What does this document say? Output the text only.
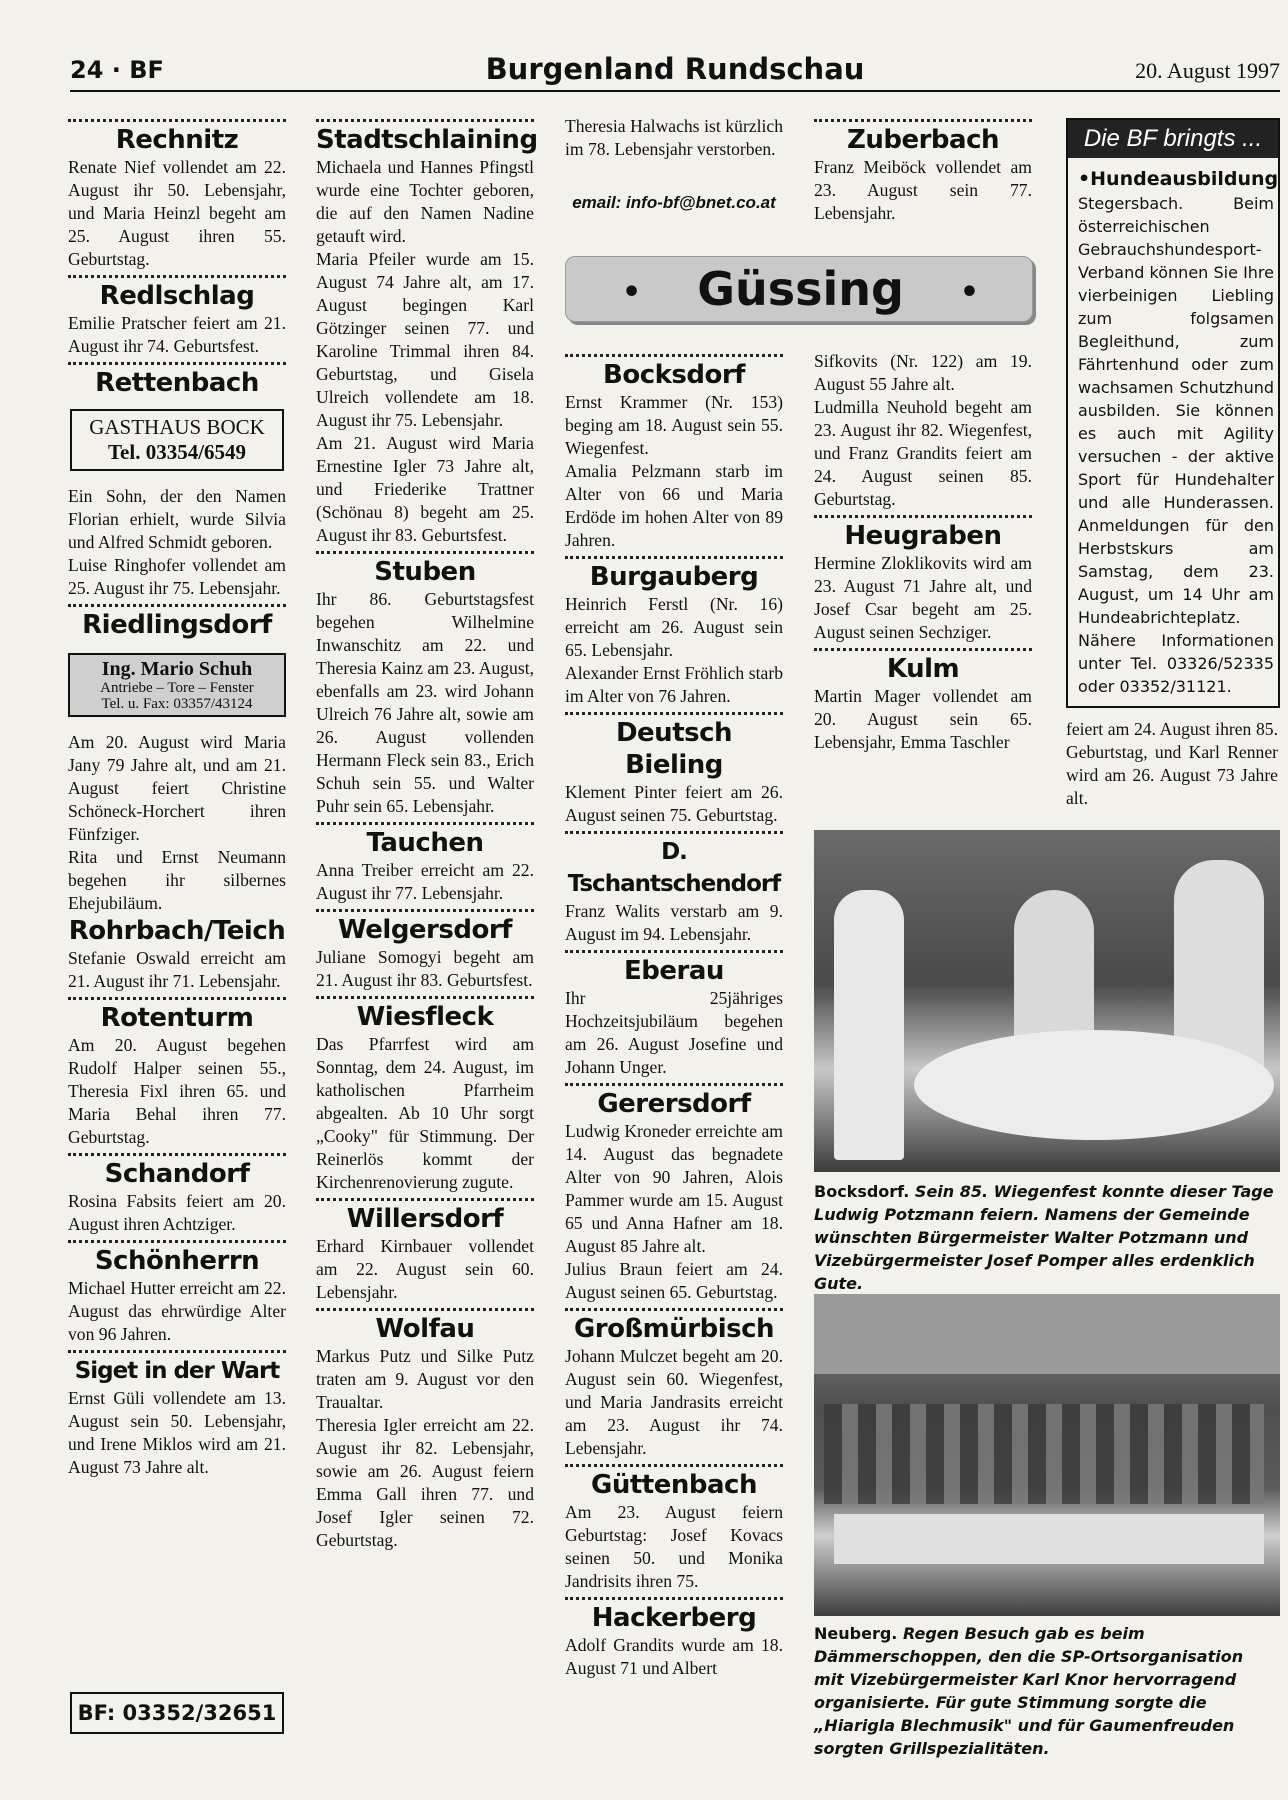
24 · BF	Burgenland Rundschau	20. August 1997
Rechnitz

Renate Nief vollendet am 22. August ihr 50. Lebensjahr, und Maria Heinzl begeht am 25. August ihren 55. Geburtstag.

Redlschlag

Emilie Pratscher feiert am 21. August ihr 74. Geburtsfest.

Rettenbach
GASTHAUS BOCK
Tel. 03354/6549

Ein Sohn, der den Namen Florian erhielt, wurde Silvia und Alfred Schmidt geboren.

Luise Ringhofer vollendet am 25. August ihr 75. Lebensjahr.

Riedlingsdorf
Ing. Mario Schuh
Antriebe – Tore – Fenster
Tel. u. Fax: 03357/43124

Am 20. August wird Maria Jany 79 Jahre alt, und am 21. August feiert Christine Schöneck-Horchert ihren Fünfziger.

Rita und Ernst Neumann begehen ihr silbernes Ehejubiläum.

Rohrbach/Teich

Stefanie Oswald erreicht am 21. August ihr 71. Lebensjahr.

Rotenturm

Am 20. August begehen Rudolf Halper seinen 55., Theresia Fixl ihren 65. und Maria Behal ihren 77. Geburtstag.

Schandorf

Rosina Fabsits feiert am 20. August ihren Achtziger.

Schönherrn

Michael Hutter erreicht am 22. August das ehrwürdige Alter von 96 Jahren.

Siget in der Wart

Ernst Güli vollendete am 13. August sein 50. Lebensjahr, und Irene Miklos wird am 21. August 73 Jahre alt.

BF: 03352/32651
Stadtschlaining

Michaela und Hannes Pfingstl wurde eine Tochter geboren, die auf den Namen Nadine getauft wird.

Maria Pfeiler wurde am 15. August 74 Jahre alt, am 17. August begingen Karl Götzinger seinen 77. und Karoline Trimmal ihren 84. Geburtstag, und Gisela Ulreich vollendete am 18. August ihr 75. Lebensjahr.

Am 21. August wird Maria Ernestine Igler 73 Jahre alt, und Friederike Trattner (Schönau 8) begeht am 25. August ihr 83. Geburtsfest.

Stuben

Ihr 86. Geburtstagsfest begehen Wilhelmine Inwanschitz am 22. und Theresia Kainz am 23. August, ebenfalls am 23. wird Johann Ulreich 76 Jahre alt, sowie am 26. August vollenden Hermann Fleck sein 83., Erich Schuh sein 55. und Walter Puhr sein 65. Lebensjahr.

Tauchen

Anna Treiber erreicht am 22. August ihr 77. Lebensjahr.

Welgersdorf

Juliane Somogyi begeht am 21. August ihr 83. Geburtsfest.

Wiesfleck

Das Pfarrfest wird am Sonntag, dem 24. August, im katholischen Pfarrheim abgealten. Ab 10 Uhr sorgt „Cooky" für Stimmung. Der Reinerlös kommt der Kirchenrenovierung zugute.

Willersdorf

Erhard Kirnbauer vollendet am 22. August sein 60. Lebensjahr.

Wolfau

Markus Putz und Silke Putz traten am 9. August vor den Traualtar.

Theresia Igler erreicht am 22. August ihr 82. Lebensjahr, sowie am 26. August feiern Emma Gall ihren 77. und Josef Igler seinen 72. Geburtstag.

Theresia Halwachs ist kürzlich im 78. Lebensjahr verstorben.

email: info-bf@bnet.co.at
Zuberbach

Franz Meiböck vollendet am 23. August sein 77. Lebensjahr.

• Güssing •
Bocksdorf

Ernst Krammer (Nr. 153) beging am 18. August sein 55. Wiegenfest.

Amalia Pelzmann starb im Alter von 66 und Maria Erdöde im hohen Alter von 89 Jahren.

Burgauberg

Heinrich Ferstl (Nr. 16) erreicht am 26. August sein 65. Lebensjahr.

Alexander Ernst Fröhlich starb im Alter von 76 Jahren.

Deutsch Bieling

Klement Pinter feiert am 26. August seinen 75. Geburtstag.

D. Tschantschendorf

Franz Walits verstarb am 9. August im 94. Lebensjahr.

Eberau

Ihr 25jähriges Hochzeitsjubiläum begehen am 26. August Josefine und Johann Unger.

Gerersdorf

Ludwig Kroneder erreichte am 14. August das begnadete Alter von 90 Jahren, Alois Pammer wurde am 15. August 65 und Anna Hafner am 18. August 85 Jahre alt.

Julius Braun feiert am 24. August seinen 65. Geburtstag.

Großmürbisch

Johann Mulczet begeht am 20. August sein 60. Wiegenfest, und Maria Jandrasits erreicht am 23. August ihr 74. Lebensjahr.

Güttenbach

Am 23. August feiern Geburtstag: Josef Kovacs seinen 50. und Monika Jandrisits ihren 75.

Hackerberg

Adolf Grandits wurde am 18. August 71 und Albert

Sifkovits (Nr. 122) am 19. August 55 Jahre alt.

Ludmilla Neuhold begeht am 23. August ihr 82. Wiegenfest, und Franz Grandits feiert am 24. August seinen 85. Geburtstag.

Heugraben

Hermine Zloklikovits wird am 23. August 71 Jahre alt, und Josef Csar begeht am 25. August seinen Sechziger.

Kulm

Martin Mager vollendet am 20. August sein 65. Lebensjahr, Emma Taschler

Die BF bringts ...
•Hundeausbildung

Stegersbach. Beim österreichischen Gebrauchshundesport-Verband können Sie Ihre vierbeinigen Liebling zum folgsamen Begleithund, zum Fährtenhund oder zum wachsamen Schutzhund ausbilden. Sie können es auch mit Agility versuchen - der aktive Sport für Hundehalter und alle Hunderassen. Anmeldungen für den Herbstskurs am Samstag, dem 23. August, um 14 Uhr am Hundeabrichteplatz. Nähere Informationen unter Tel. 03326/52335 oder 03352/31121.

feiert am 24. August ihren 85. Geburtstag, und Karl Renner wird am 26. August 73 Jahre alt.

Bocksdorf. Sein 85. Wiegenfest konnte dieser Tage Ludwig Potzmann feiern. Namens der Gemeinde wünschten Bürgermeister Walter Potzmann und Vizebürgermeister Josef Pomper alles erdenklich Gute.
Neuberg. Regen Besuch gab es beim Dämmerschoppen, den die SP-Ortsorganisation mit Vizebürgermeister Karl Knor hervorragend organisierte. Für gute Stimmung sorgte die „Hiarigla Blechmusik" und für Gaumenfreuden sorgten Grillspezialitäten.
